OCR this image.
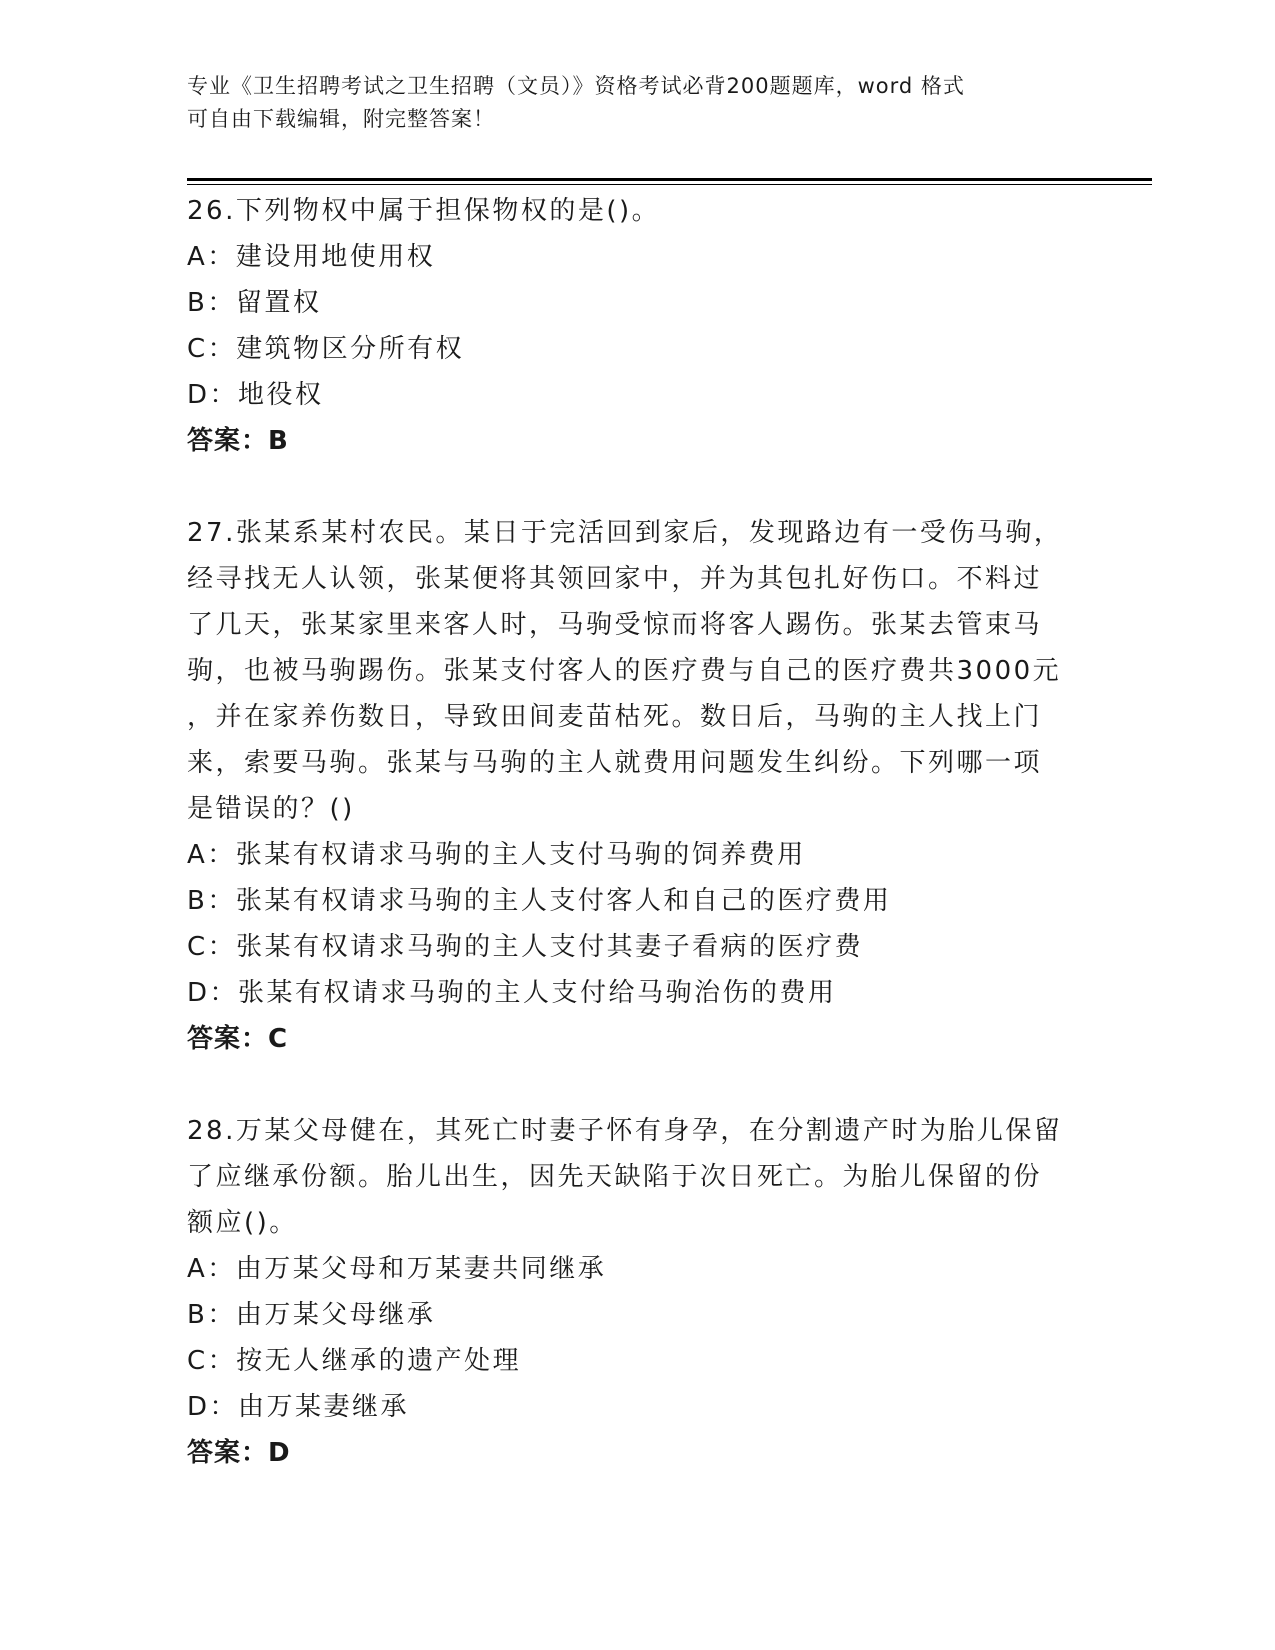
专业《卫生招聘考试之卫生招聘（文员）》资格考试必背200题题库，word 格式
可自由下载编辑，附完整答案！
26.下列物权中属于担保物权的是()。
A：建设用地使用权
B：留置权
C：建筑物区分所有权
D：地役权
答案：B
27.张某系某村农民。某日于完活回到家后，发现路边有一受伤马驹，
经寻找无人认领，张某便将其领回家中，并为其包扎好伤口。不料过
了几天，张某家里来客人时，马驹受惊而将客人踢伤。张某去管束马
驹，也被马驹踢伤。张某支付客人的医疗费与自己的医疗费共3000元
，并在家养伤数日，导致田间麦苗枯死。数日后，马驹的主人找上门
来，索要马驹。张某与马驹的主人就费用问题发生纠纷。下列哪一项
是错误的？()
A：张某有权请求马驹的主人支付马驹的饲养费用
B：张某有权请求马驹的主人支付客人和自己的医疗费用
C：张某有权请求马驹的主人支付其妻子看病的医疗费
D：张某有权请求马驹的主人支付给马驹治伤的费用
答案：C
28.万某父母健在，其死亡时妻子怀有身孕，在分割遗产时为胎儿保留
了应继承份额。胎儿出生，因先天缺陷于次日死亡。为胎儿保留的份
额应()。
A：由万某父母和万某妻共同继承
B：由万某父母继承
C：按无人继承的遗产处理
D：由万某妻继承
答案：D
